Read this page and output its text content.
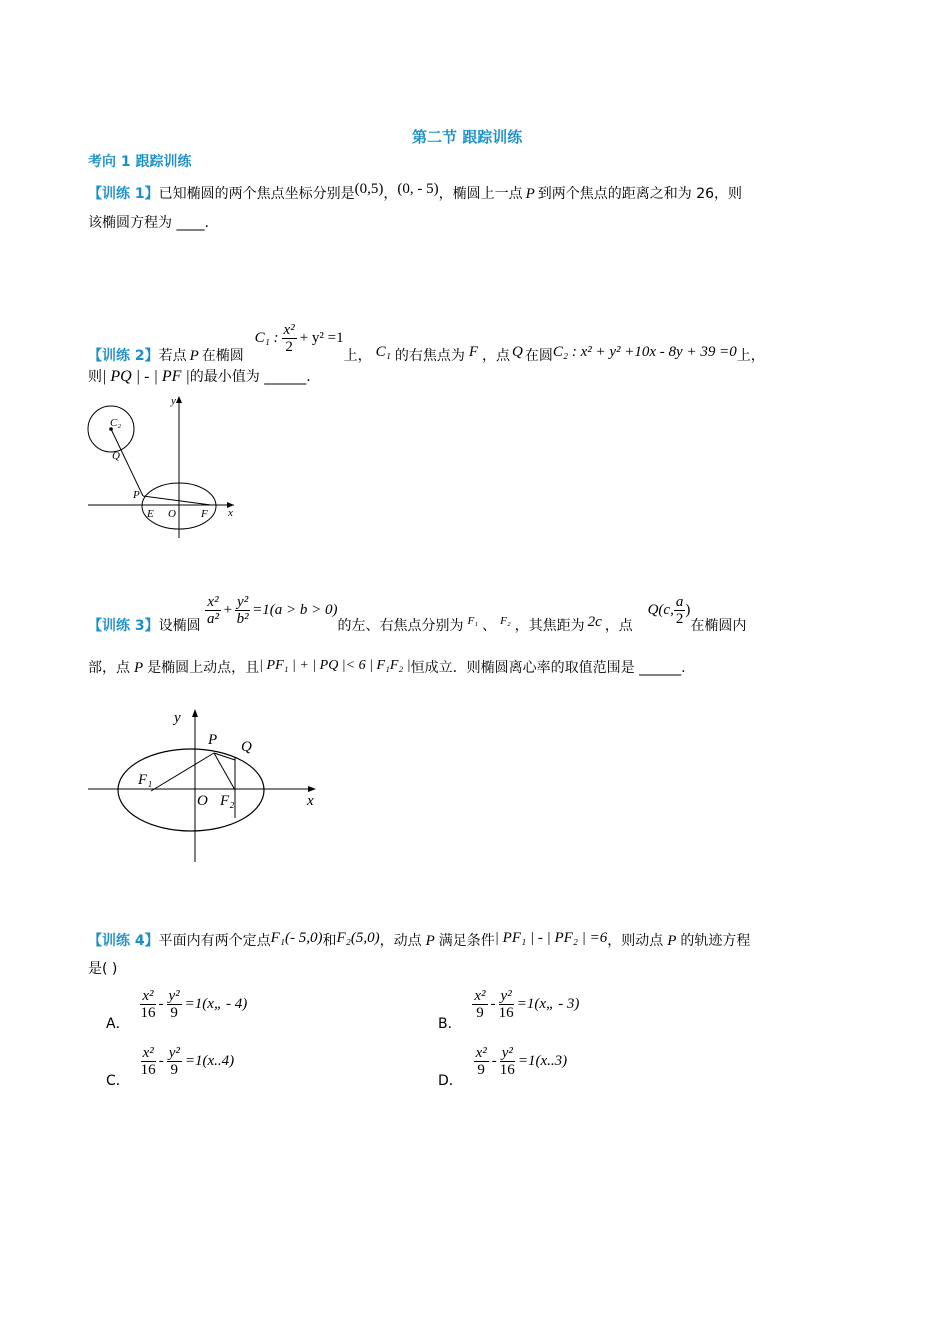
第二节 跟踪训练
考向 1 跟踪训练
【训练 1】已知椭圆的两个焦点坐标分别是(0,5)，(0, - 5)，椭圆上一点 P 到两个焦点的距离之和为 26，则
该椭圆方程为 ____.
【训练 2】若点 P 在椭圆 C₁ : $\frac{\text{x²}}{2} + y^2 =1$上， C₁ 的右焦点为 F ，点 Q 在圆C₂ : x² + y² +10x - 8y + 39 =0上，
则| PQ | - | PF |的最小值为 ______.
y
C₂
Q
P
E O F x
【训练 3】设椭圆 $\frac{\text{x²}}{\text{a²}} + \frac{\text{y²}}{\text{b²}} =1(a > b > 0)$的左、右焦点分别为 $_{F_1}$ 、 $_{F_2}$ ，其焦距为 2c ，点 Q(c, $\frac{a}{2}$ )在椭圆内
部，点 P 是椭圆上动点，且| PF₁ | + | PQ |< 6 | F₁F₂ |恒成立．则椭圆离心率的取值范围是 ______.
y
P Q
F₁
O F₂	x
【训练 4】平面内有两个定点F₁(- 5,0)和F₂(5,0)，动点 P 满足条件| PF₁ | - | PF₂ | =6，则动点 P 的轨迹方程
是( )
A．
$\frac{\text{x²}}{16} - \frac{\text{y²}}{9}$ =1(x„ - 4)
B．
$\frac{\text{x²}}{9} - \frac{\text{y²}}{16}$ =1(x„ - 3)
C．
$\frac{\text{x²}}{16} - \frac{\text{y²}}{9} =1(x..4)$
D．
$\frac{\text{x²}}{9} - \frac{\text{y²}}{16} =1(x..3)$
